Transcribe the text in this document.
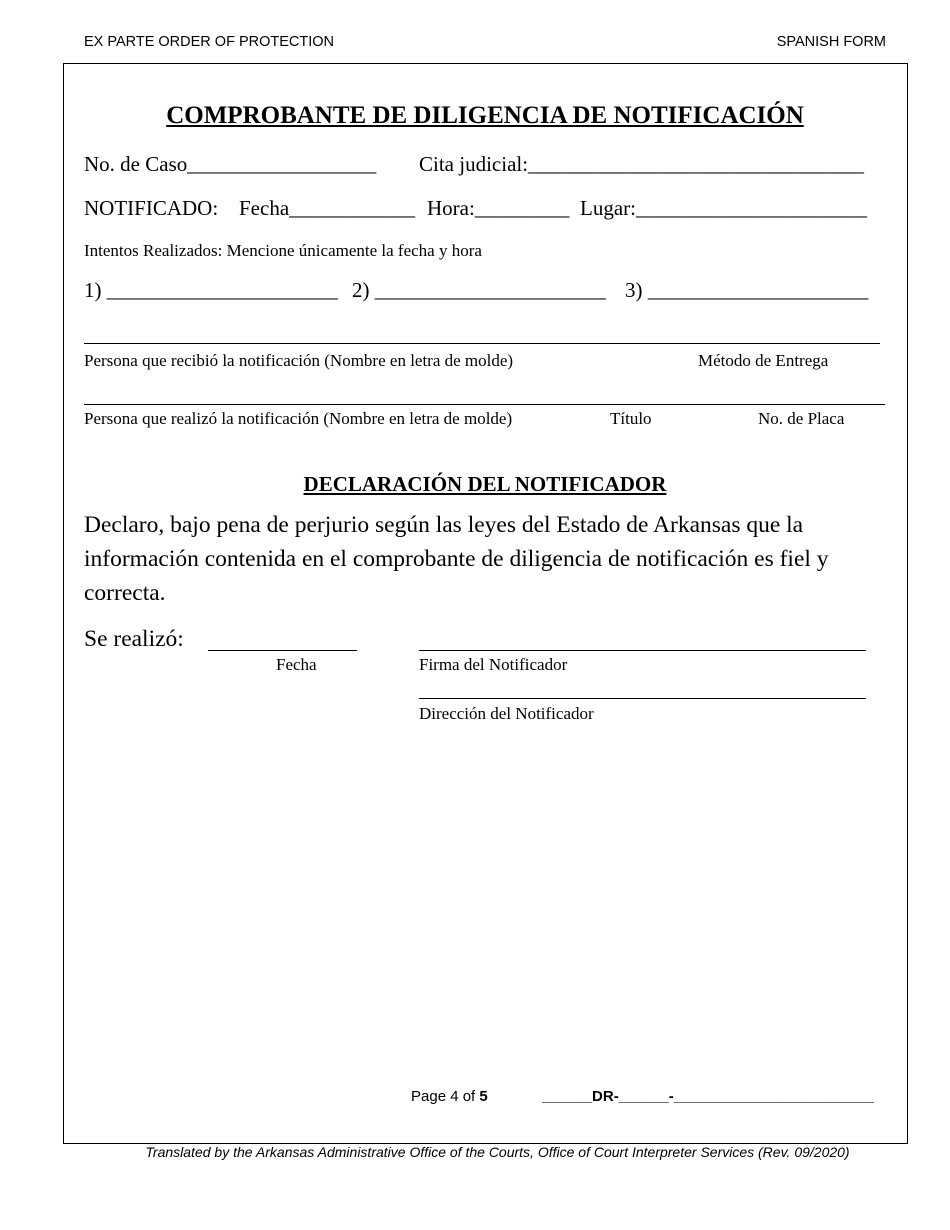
EX PARTE ORDER OF PROTECTION	SPANISH FORM
COMPROBANTE DE DILIGENCIA DE NOTIFICACIÓN
No. de Caso__________________ Cita judicial:________________________________
NOTIFICADO: Fecha____________ Hora:_________ Lugar:______________________
Intentos Realizados: Mencione únicamente la fecha y hora
1) ______________________ 2) ______________________ 3) _____________________
Persona que recibió la notificación (Nombre en letra de molde)	Método de Entrega
Persona que realizó la notificación (Nombre en letra de molde)	Título	No. de Placa
DECLARACIÓN DEL NOTIFICADOR
Declaro, bajo pena de perjurio según las leyes del Estado de Arkansas que la información contenida en el comprobante de diligencia de notificación es fiel y correcta.
Se realizó:
Fecha	Firma del Notificador
Dirección del Notificador
Page 4 of 5	______DR-______-________________________
Translated by the Arkansas Administrative Office of the Courts, Office of Court Interpreter Services (Rev. 09/2020)
